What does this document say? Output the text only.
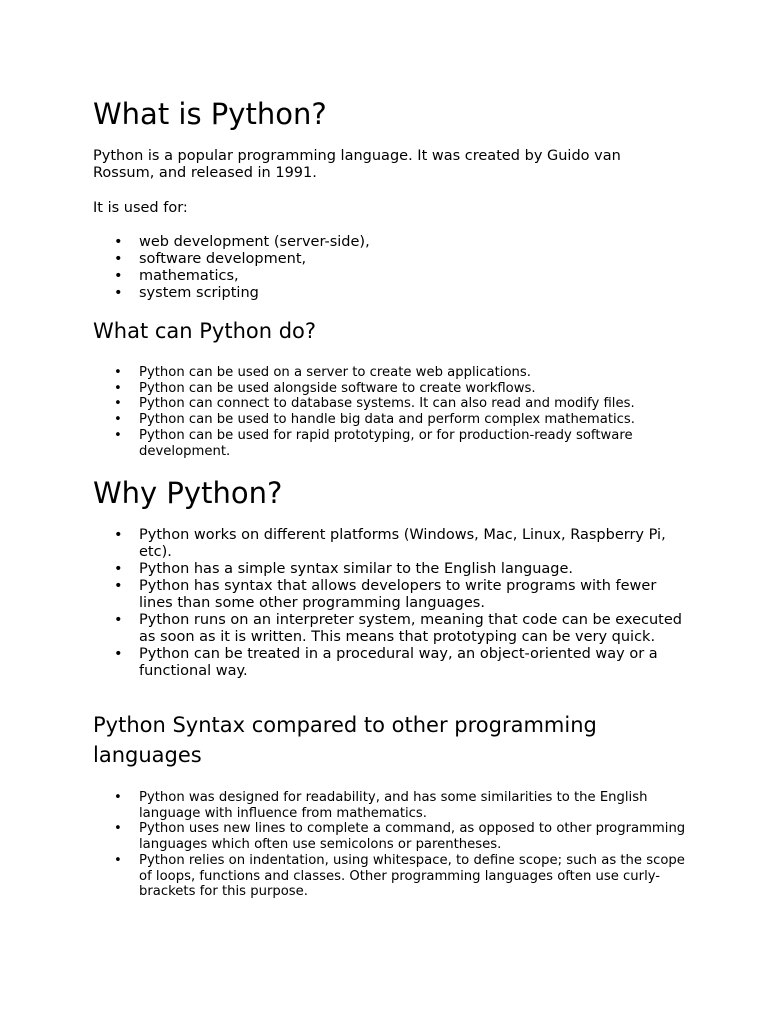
What is Python?

Python is a popular programming language. It was created by Guido van Rossum, and released in 1991.

It is used for:

• web development (server-side),
• software development,
• mathematics,
• system scripting
What can Python do?
• Python can be used on a server to create web applications.
• Python can be used alongside software to create workflows.
• Python can connect to database systems. It can also read and modify files.
• Python can be used to handle big data and perform complex mathematics.
• Python can be used for rapid prototyping, or for production-ready software development.
Why Python?
• Python works on different platforms (Windows, Mac, Linux, Raspberry Pi, etc).
• Python has a simple syntax similar to the English language.
• Python has syntax that allows developers to write programs with fewer lines than some other programming languages.
• Python runs on an interpreter system, meaning that code can be executed as soon as it is written. This means that prototyping can be very quick.
• Python can be treated in a procedural way, an object-oriented way or a functional way.
Python Syntax compared to other programming languages
• Python was designed for readability, and has some similarities to the English language with influence from mathematics.
• Python uses new lines to complete a command, as opposed to other programming languages which often use semicolons or parentheses.
• Python relies on indentation, using whitespace, to define scope; such as the scope of loops, functions and classes. Other programming languages often use curly-brackets for this purpose.
